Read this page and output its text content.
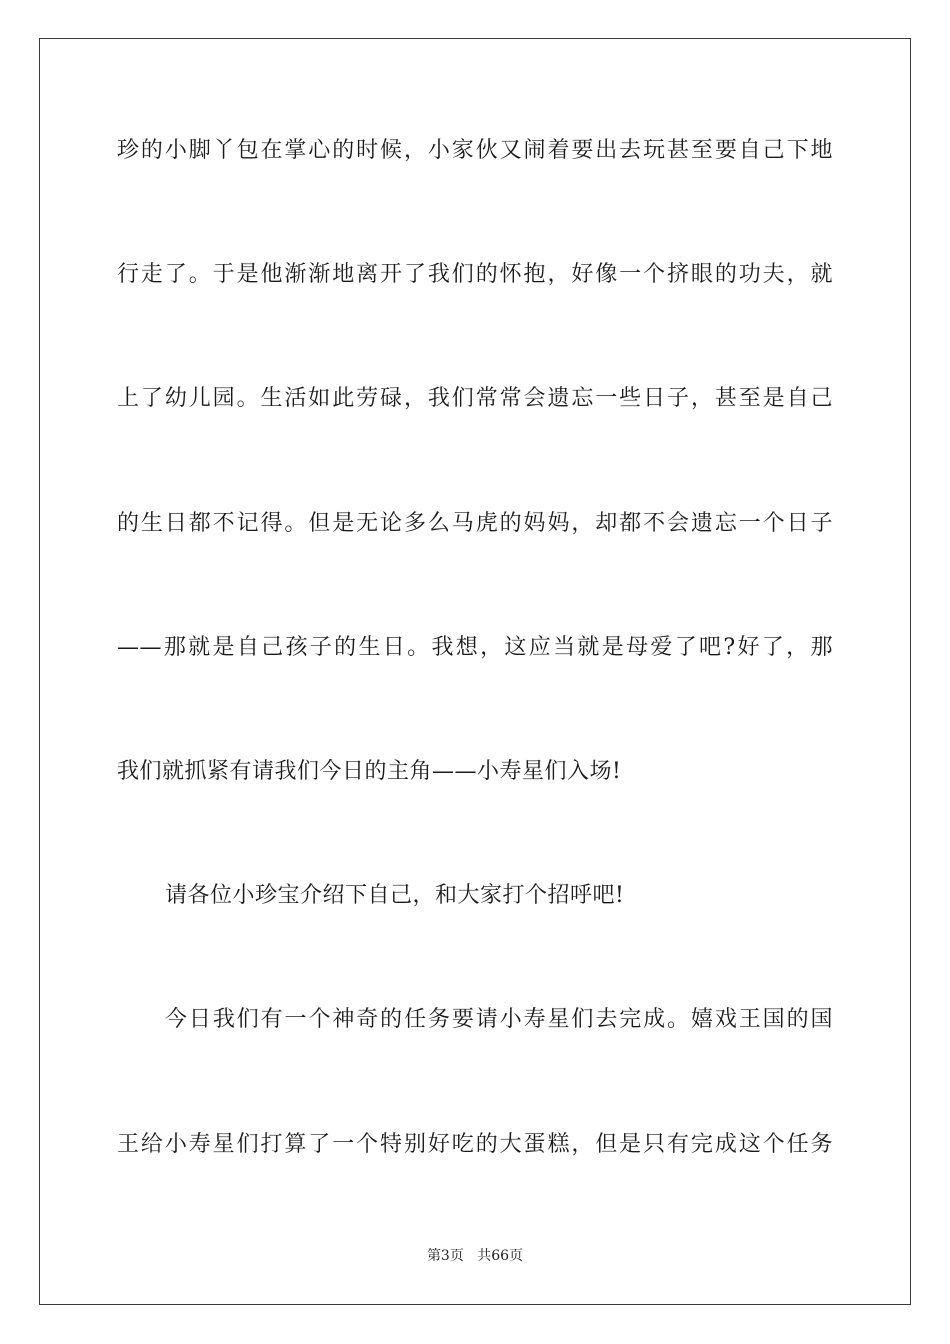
珍的小脚丫包在掌心的时候，小家伙又闹着要出去玩甚至要自己下地
行走了。于是他渐渐地离开了我们的怀抱，好像一个挤眼的功夫，就
上了幼儿园。生活如此劳碌，我们常常会遗忘一些日子，甚至是自己
的生日都不记得。但是无论多么马虎的妈妈，却都不会遗忘一个日子
——那就是自己孩子的生日。我想，这应当就是母爱了吧?好了，那
我们就抓紧有请我们今日的主角——小寿星们入场!
请各位小珍宝介绍下自己，和大家打个招呼吧!
今日我们有一个神奇的任务要请小寿星们去完成。嬉戏王国的国
王给小寿星们打算了一个特别好吃的大蛋糕，但是只有完成这个任务
第3页 共66页
